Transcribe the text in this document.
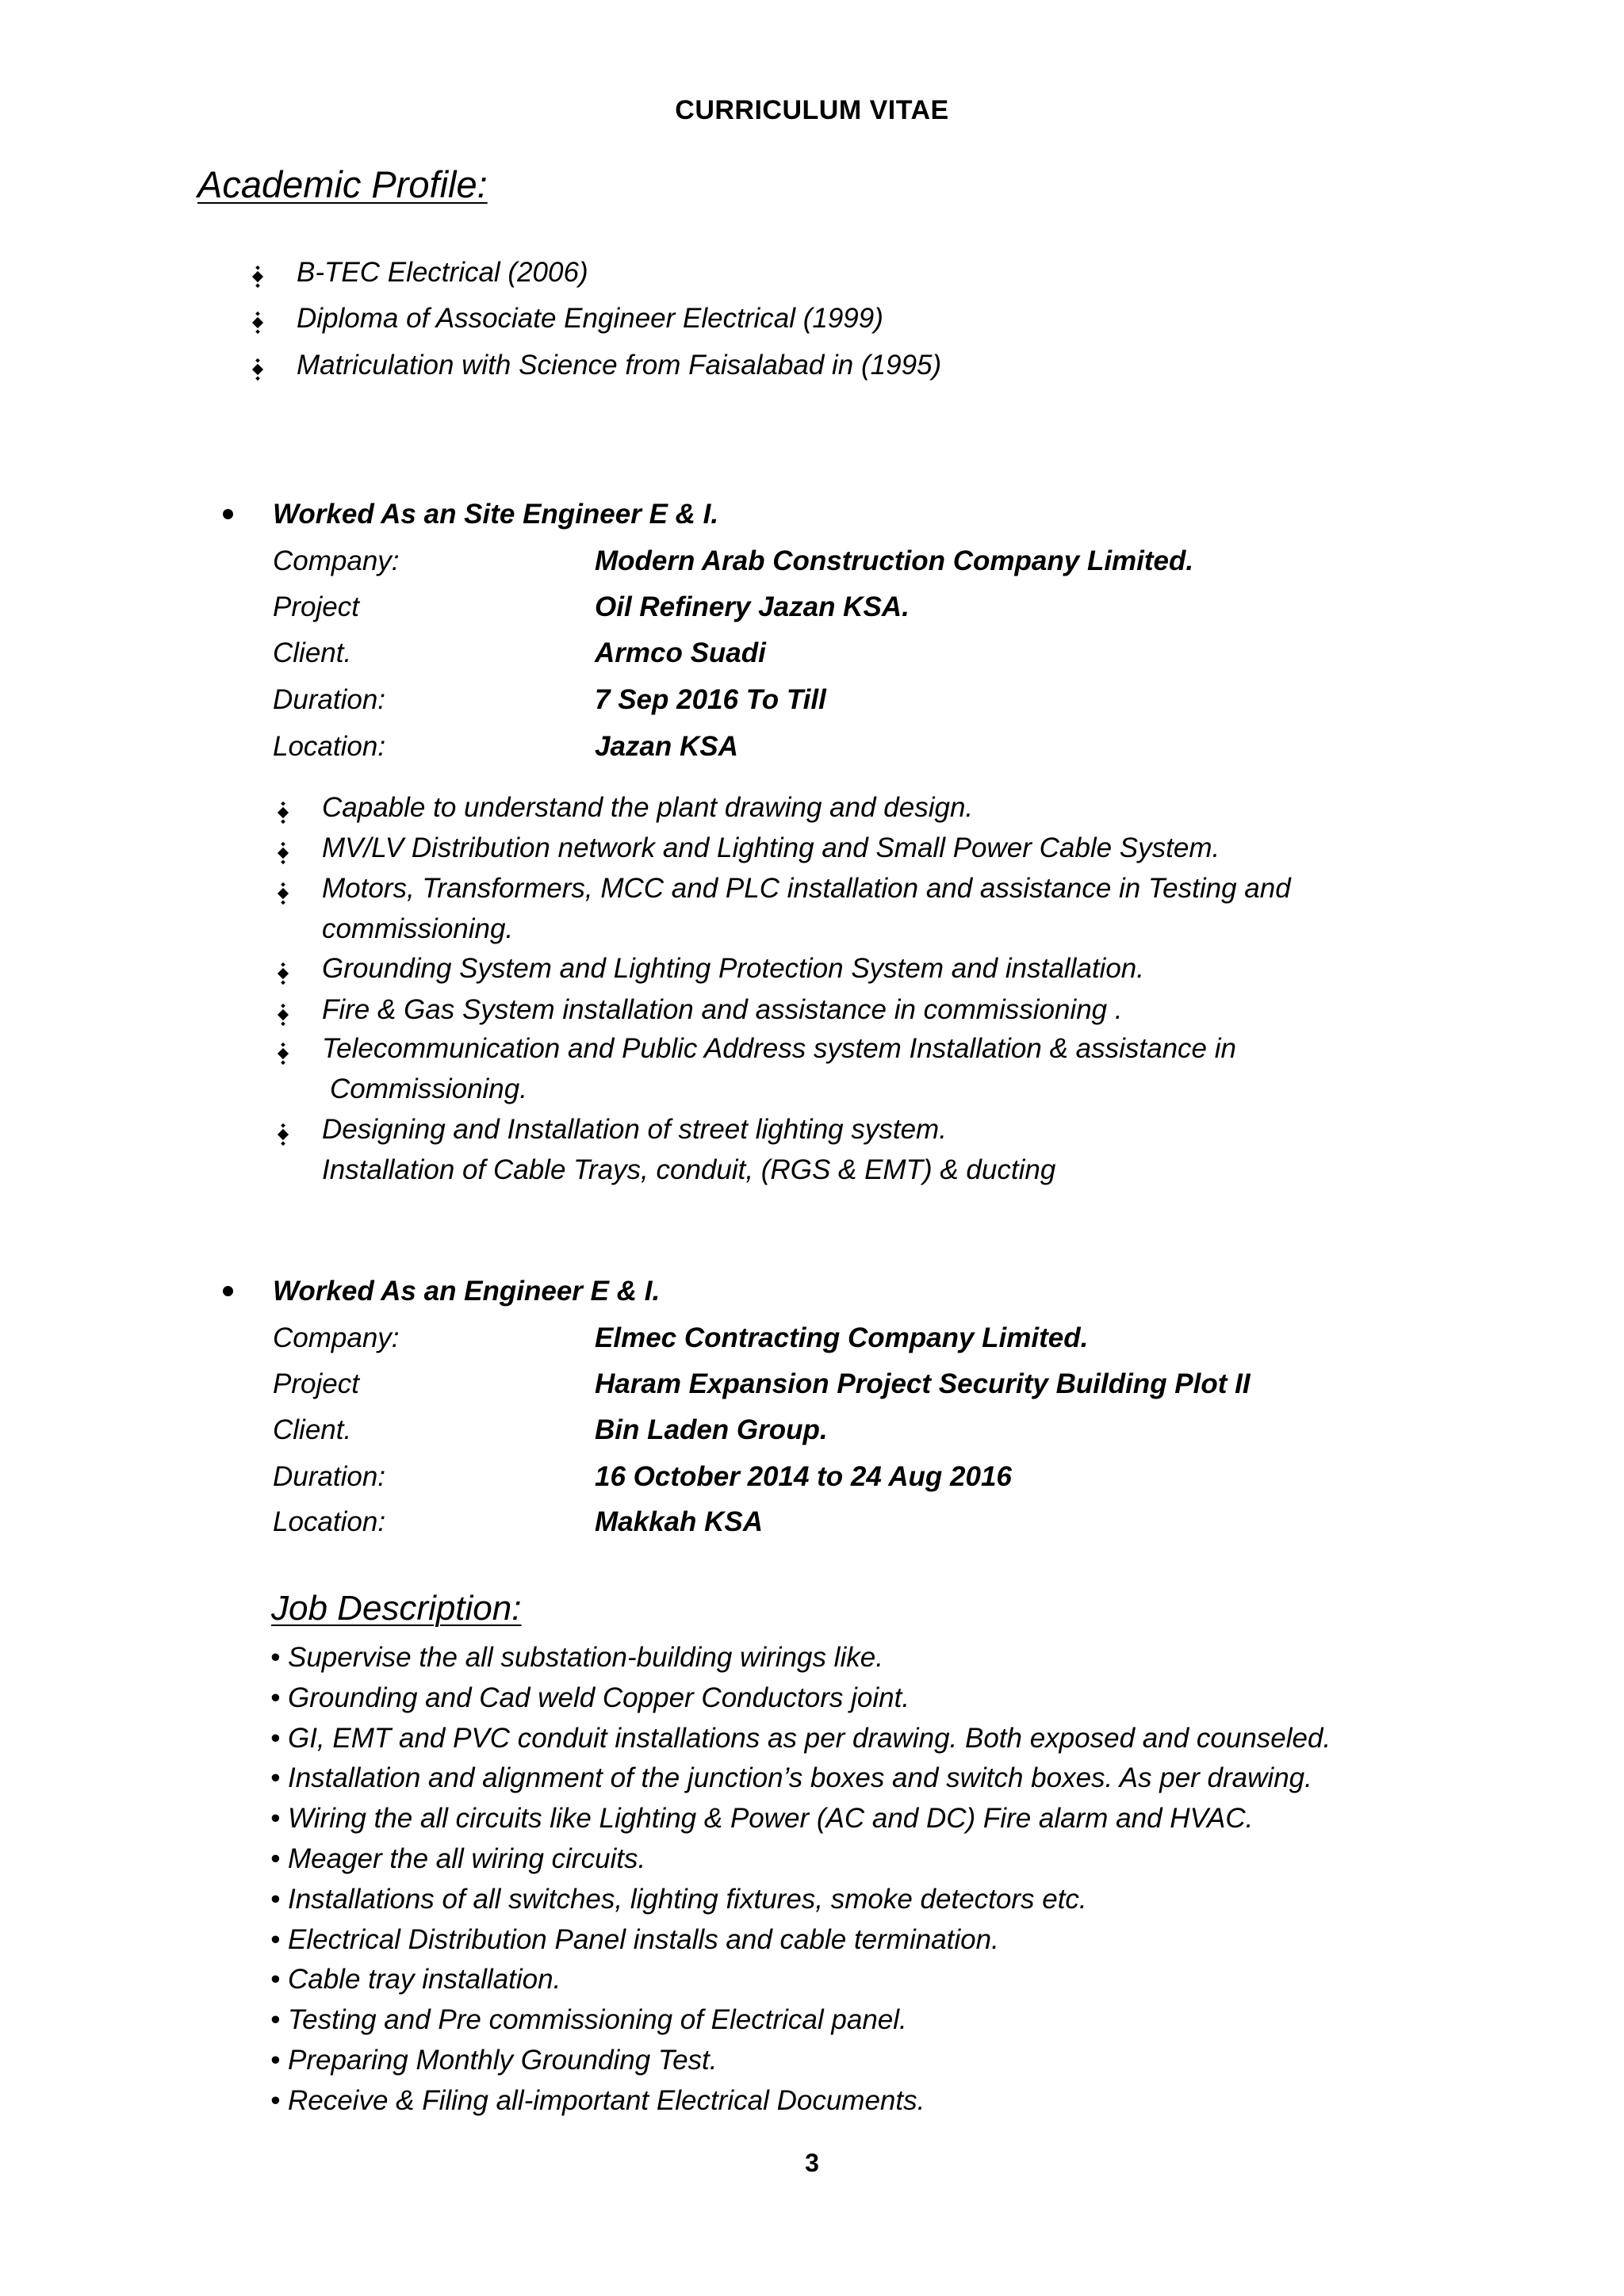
CURRICULUM VITAE
Academic Profile:
B-TEC Electrical (2006)
Diploma of Associate Engineer Electrical (1999)
Matriculation with Science from Faisalabad in (1995)
Worked As an Site Engineer E & I.
Company:	Modern Arab Construction Company Limited.
Project	Oil Refinery Jazan KSA.
Client.	Armco Suadi
Duration:	7 Sep 2016 To Till
Location:	Jazan KSA
Capable to understand the plant drawing and design.
MV/LV Distribution network and Lighting and Small Power Cable System.
Motors, Transformers, MCC and PLC installation and assistance in Testing and
commissioning.
Grounding System and Lighting Protection System and installation.
Fire & Gas System installation and assistance in commissioning .
Telecommunication and Public Address system Installation & assistance in
Commissioning.
Designing and Installation of street lighting system.
Installation of Cable Trays, conduit, (RGS & EMT) & ducting
Worked As an Engineer E & I.
Company:	Elmec Contracting Company Limited.
Project	Haram Expansion Project Security Building Plot II
Client.	Bin Laden Group.
Duration:	16 October 2014 to 24 Aug 2016
Location:	Makkah KSA
Job Description:
• Supervise the all substation-building wirings like.
• Grounding and Cad weld Copper Conductors joint.
• GI, EMT and PVC conduit installations as per drawing. Both exposed and counseled.
• Installation and alignment of the junction’s boxes and switch boxes. As per drawing.
• Wiring the all circuits like Lighting & Power (AC and DC) Fire alarm and HVAC.
• Meager the all wiring circuits.
• Installations of all switches, lighting fixtures, smoke detectors etc.
• Electrical Distribution Panel installs and cable termination.
• Cable tray installation.
• Testing and Pre commissioning of Electrical panel.
• Preparing Monthly Grounding Test.
• Receive & Filing all-important Electrical Documents.
3
